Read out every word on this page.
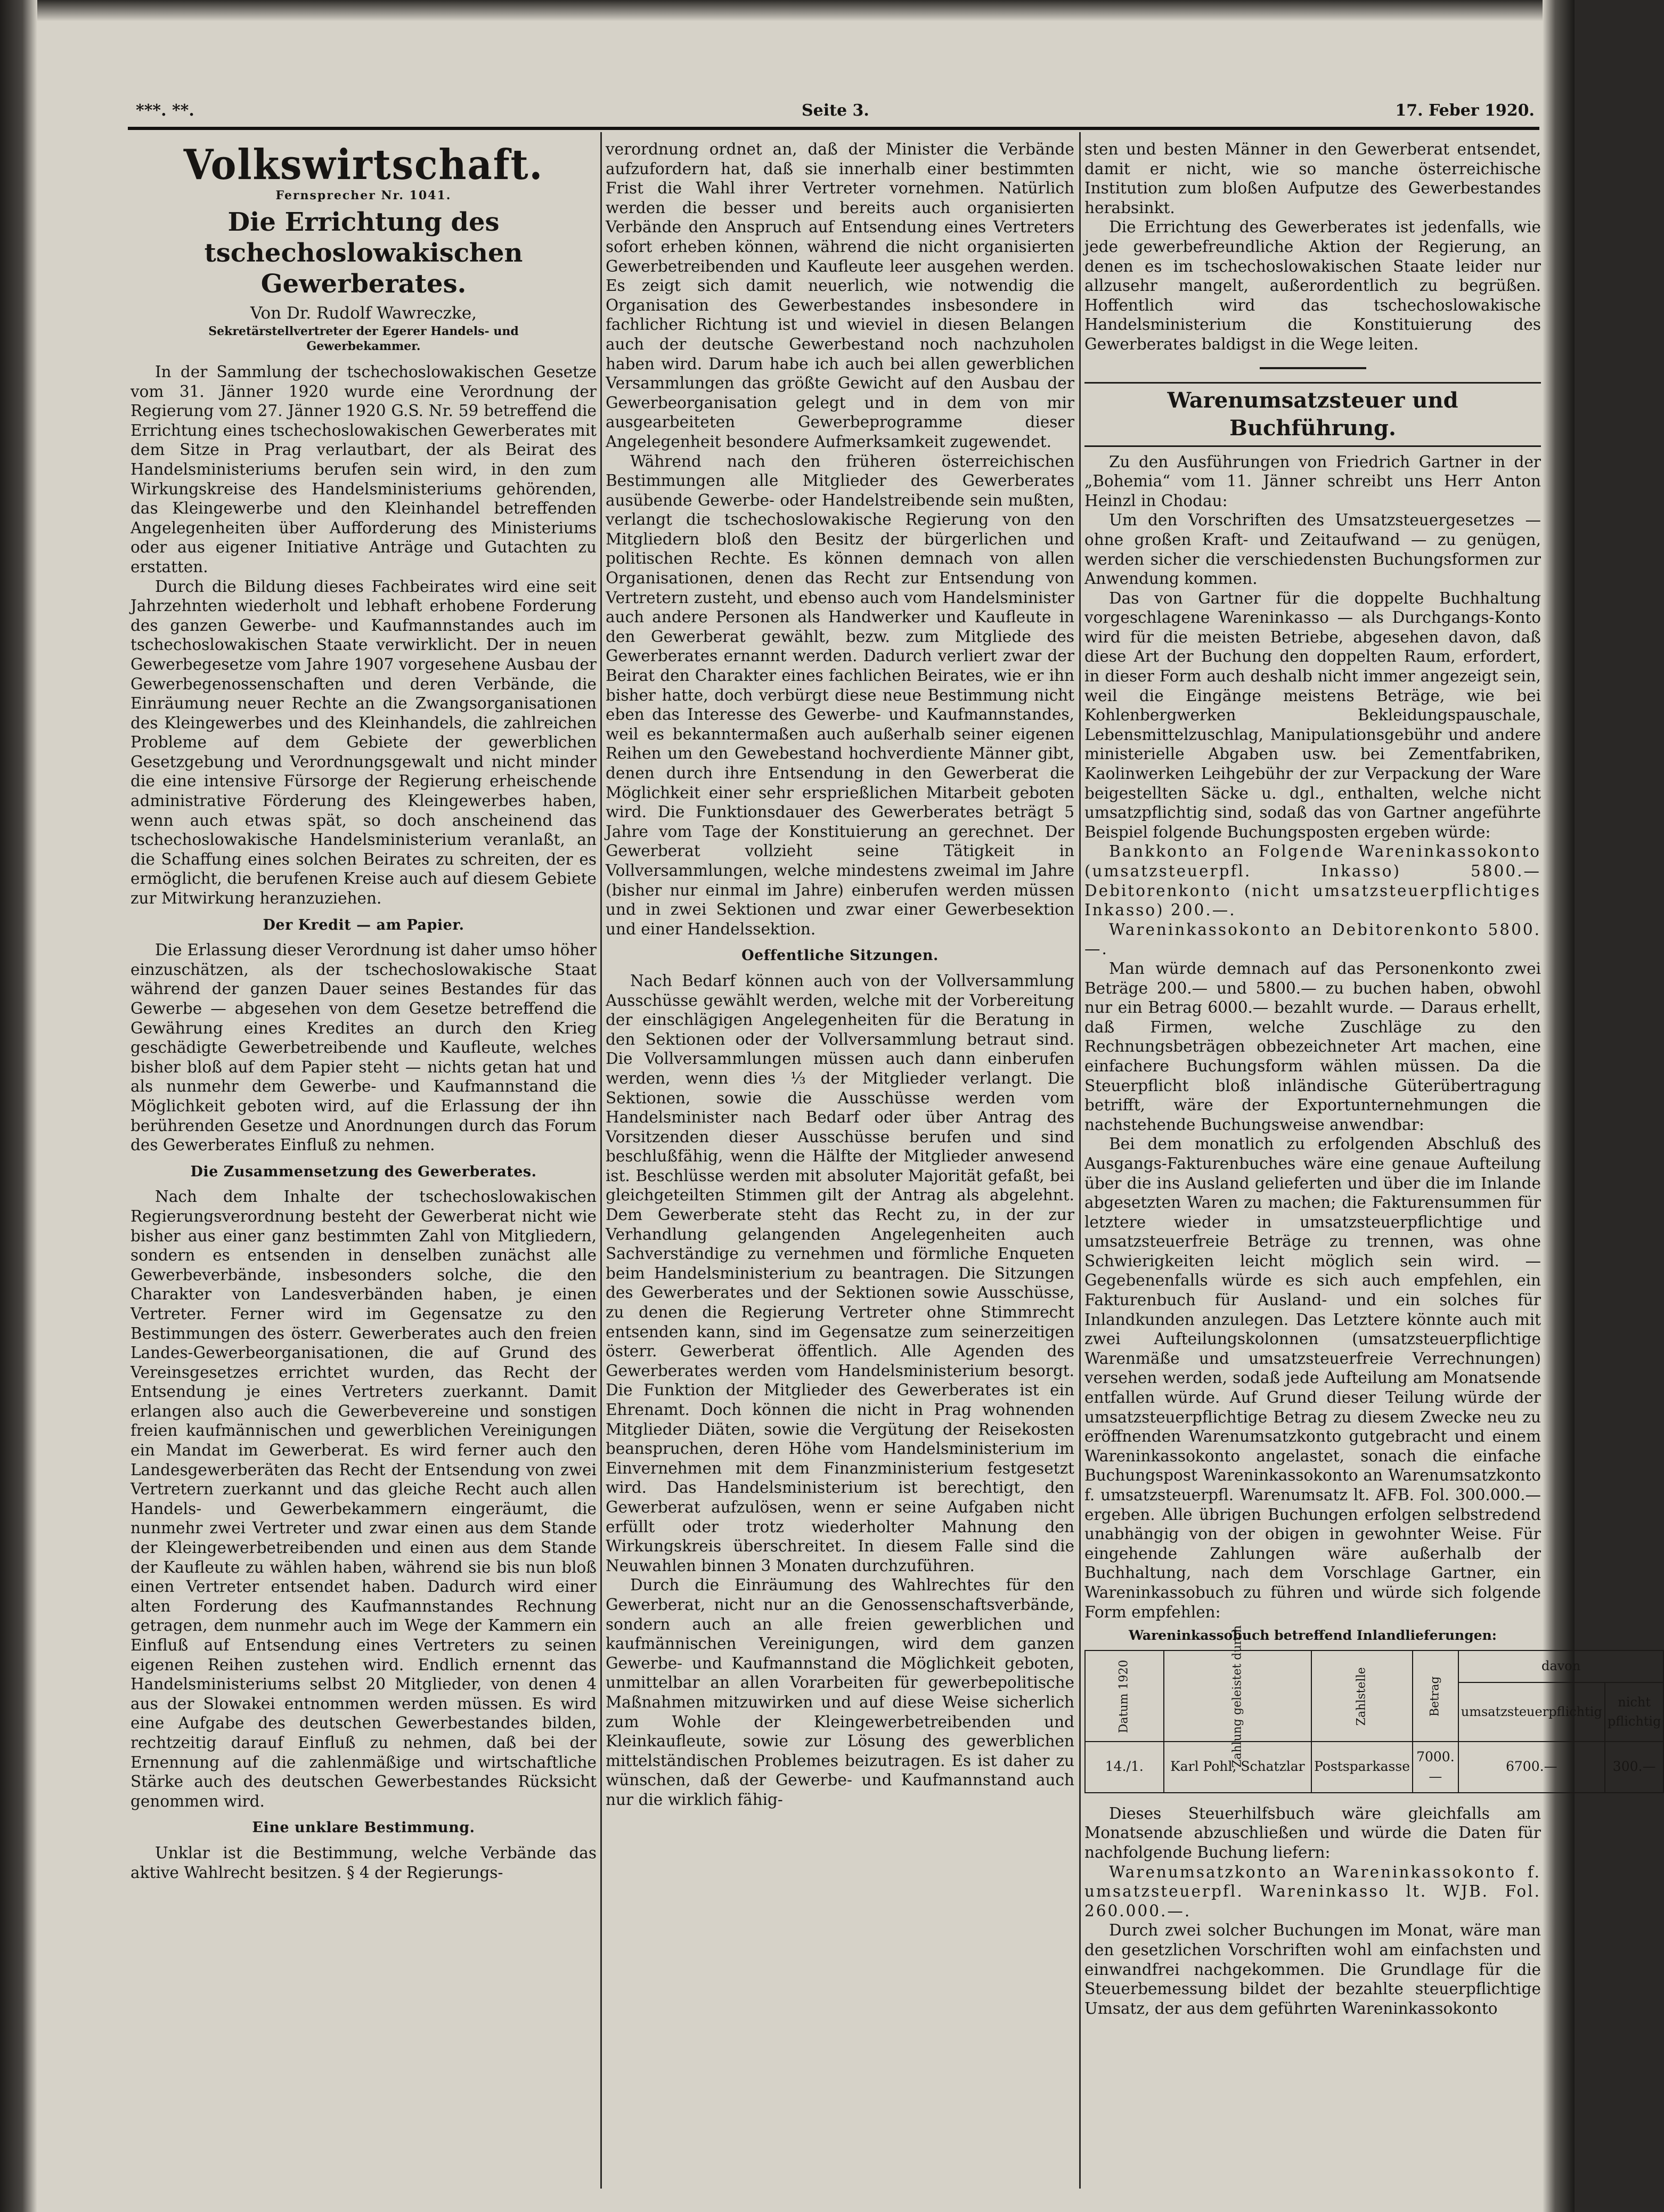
***. **.	Seite 3.	17. Feber 1920.
Volkswirtschaft.
Fernsprecher Nr. 1041.
Die Errichtung des tschechoslowakischen Gewerberates.
Von Dr. Rudolf Wawreczke,
Sekretärstellvertreter der Egerer Handels- und Gewerbekammer.

In der Sammlung der tschechoslowakischen Gesetze vom 31. Jänner 1920 wurde eine Verordnung der Regierung vom 27. Jänner 1920 G.S. Nr. 59 betreffend die Errichtung eines tschechoslowakischen Gewerberates mit dem Sitze in Prag verlautbart, der als Beirat des Handelsministeriums berufen sein wird, in den zum Wirkungskreise des Handelsministeriums gehörenden, das Kleingewerbe und den Kleinhandel betreffenden Angelegenheiten über Aufforderung des Ministeriums oder aus eigener Initiative Anträge und Gutachten zu erstatten.

Durch die Bildung dieses Fachbeirates wird eine seit Jahrzehnten wiederholt und lebhaft erhobene Forderung des ganzen Gewerbe- und Kaufmannstandes auch im tschechoslowakischen Staate verwirklicht. Der in neuen Gewerbegesetze vom Jahre 1907 vorgesehene Ausbau der Gewerbegenossenschaften und deren Verbände, die Einräumung neuer Rechte an die Zwangsorganisationen des Kleingewerbes und des Kleinhandels, die zahlreichen Probleme auf dem Gebiete der gewerblichen Gesetzgebung und Verordnungsgewalt und nicht minder die eine intensive Fürsorge der Regierung erheischende administrative Förderung des Kleingewerbes haben, wenn auch etwas spät, so doch anscheinend das tschechoslowakische Handelsministerium veranlaßt, an die Schaffung eines solchen Beirates zu schreiten, der es ermöglicht, die berufenen Kreise auch auf diesem Gebiete zur Mitwirkung heranzuziehen.

Der Kredit — am Papier.

Die Erlassung dieser Verordnung ist daher umso höher einzuschätzen, als der tschechoslowakische Staat während der ganzen Dauer seines Bestandes für das Gewerbe — abgesehen von dem Gesetze betreffend die Gewährung eines Kredites an durch den Krieg geschädigte Gewerbetreibende und Kaufleute, welches bisher bloß auf dem Papier steht — nichts getan hat und als nunmehr dem Gewerbe- und Kaufmannstand die Möglichkeit geboten wird, auf die Erlassung der ihn berührenden Gesetze und Anordnungen durch das Forum des Gewerberates Einfluß zu nehmen.

Die Zusammensetzung des Gewerberates.

Nach dem Inhalte der tschechoslowakischen Regierungsverordnung besteht der Gewerberat nicht wie bisher aus einer ganz bestimmten Zahl von Mitgliedern, sondern es entsenden in denselben zunächst alle Gewerbeverbände, insbesonders solche, die den Charakter von Landesverbänden haben, je einen Vertreter. Ferner wird im Gegensatze zu den Bestimmungen des österr. Gewerberates auch den freien Landes-Gewerbeorganisationen, die auf Grund des Vereinsgesetzes errichtet wurden, das Recht der Entsendung je eines Vertreters zuerkannt. Damit erlangen also auch die Gewerbevereine und sonstigen freien kaufmännischen und gewerblichen Vereinigungen ein Mandat im Gewerberat. Es wird ferner auch den Landesgewerberäten das Recht der Entsendung von zwei Vertretern zuerkannt und das gleiche Recht auch allen Handels- und Gewerbekammern eingeräumt, die nunmehr zwei Vertreter und zwar einen aus dem Stande der Kleingewerbetreibenden und einen aus dem Stande der Kaufleute zu wählen haben, während sie bis nun bloß einen Vertreter entsendet haben. Dadurch wird einer alten Forderung des Kaufmannstandes Rechnung getragen, dem nunmehr auch im Wege der Kammern ein Einfluß auf Entsendung eines Vertreters zu seinen eigenen Reihen zustehen wird. Endlich ernennt das Handelsministeriums selbst 20 Mitglieder, von denen 4 aus der Slowakei entnommen werden müssen. Es wird eine Aufgabe des deutschen Gewerbestandes bilden, rechtzeitig darauf Einfluß zu nehmen, daß bei der Ernennung auf die zahlenmäßige und wirtschaftliche Stärke auch des deutschen Gewerbestandes Rücksicht genommen wird.

Eine unklare Bestimmung.

Unklar ist die Bestimmung, welche Verbände das aktive Wahlrecht besitzen. § 4 der Regierungs-

verordnung ordnet an, daß der Minister die Verbände aufzufordern hat, daß sie innerhalb einer bestimmten Frist die Wahl ihrer Vertreter vornehmen. Natürlich werden die besser und bereits auch organisierten Verbände den Anspruch auf Entsendung eines Vertreters sofort erheben können, während die nicht organisierten Gewerbetreibenden und Kaufleute leer ausgehen werden. Es zeigt sich damit neuerlich, wie notwendig die Organisation des Gewerbestandes insbesondere in fachlicher Richtung ist und wieviel in diesen Belangen auch der deutsche Gewerbestand noch nachzuholen haben wird. Darum habe ich auch bei allen gewerblichen Versammlungen das größte Gewicht auf den Ausbau der Gewerbeorganisation gelegt und in dem von mir ausgearbeiteten Gewerbeprogramme dieser Angelegenheit besondere Aufmerksamkeit zugewendet.

Während nach den früheren österreichischen Bestimmungen alle Mitglieder des Gewerberates ausübende Gewerbe- oder Handelstreibende sein mußten, verlangt die tschechoslowakische Regierung von den Mitgliedern bloß den Besitz der bürgerlichen und politischen Rechte. Es können demnach von allen Organisationen, denen das Recht zur Entsendung von Vertretern zusteht, und ebenso auch vom Handelsminister auch andere Personen als Handwerker und Kaufleute in den Gewerberat gewählt, bezw. zum Mitgliede des Gewerberates ernannt werden. Dadurch verliert zwar der Beirat den Charakter eines fachlichen Beirates, wie er ihn bisher hatte, doch verbürgt diese neue Bestimmung nicht eben das Interesse des Gewerbe- und Kaufmannstandes, weil es bekanntermaßen auch außerhalb seiner eigenen Reihen um den Gewebestand hochverdiente Männer gibt, denen durch ihre Entsendung in den Gewerberat die Möglichkeit einer sehr ersprießlichen Mitarbeit geboten wird. Die Funktionsdauer des Gewerberates beträgt 5 Jahre vom Tage der Konstituierung an gerechnet. Der Gewerberat vollzieht seine Tätigkeit in Vollversammlungen, welche mindestens zweimal im Jahre (bisher nur einmal im Jahre) einberufen werden müssen und in zwei Sektionen und zwar einer Gewerbesektion und einer Handelssektion.

Oeffentliche Sitzungen.

Nach Bedarf können auch von der Vollversammlung Ausschüsse gewählt werden, welche mit der Vorbereitung der einschlägigen Angelegenheiten für die Beratung in den Sektionen oder der Vollversammlung betraut sind. Die Vollversammlungen müssen auch dann einberufen werden, wenn dies ⅓ der Mitglieder verlangt. Die Sektionen, sowie die Ausschüsse werden vom Handelsminister nach Bedarf oder über Antrag des Vorsitzenden dieser Ausschüsse berufen und sind beschlußfähig, wenn die Hälfte der Mitglieder anwesend ist. Beschlüsse werden mit absoluter Majorität gefaßt, bei gleichgeteilten Stimmen gilt der Antrag als abgelehnt. Dem Gewerberate steht das Recht zu, in der zur Verhandlung gelangenden Angelegenheiten auch Sachverständige zu vernehmen und förmliche Enqueten beim Handelsministerium zu beantragen. Die Sitzungen des Gewerberates und der Sektionen sowie Ausschüsse, zu denen die Regierung Vertreter ohne Stimmrecht entsenden kann, sind im Gegensatze zum seinerzeitigen österr. Gewerberat öffentlich. Alle Agenden des Gewerberates werden vom Handelsministerium besorgt. Die Funktion der Mitglieder des Gewerberates ist ein Ehrenamt. Doch können die nicht in Prag wohnenden Mitglieder Diäten, sowie die Vergütung der Reisekosten beanspruchen, deren Höhe vom Handelsministerium im Einvernehmen mit dem Finanzministerium festgesetzt wird. Das Handelsministerium ist berechtigt, den Gewerberat aufzulösen, wenn er seine Aufgaben nicht erfüllt oder trotz wiederholter Mahnung den Wirkungskreis überschreitet. In diesem Falle sind die Neuwahlen binnen 3 Monaten durchzuführen.

Durch die Einräumung des Wahlrechtes für den Gewerberat, nicht nur an die Genossenschaftsverbände, sondern auch an alle freien gewerblichen und kaufmännischen Vereinigungen, wird dem ganzen Gewerbe- und Kaufmannstand die Möglichkeit geboten, unmittelbar an allen Vorarbeiten für gewerbepolitische Maßnahmen mitzuwirken und auf diese Weise sicherlich zum Wohle der Kleingewerbetreibenden und Kleinkaufleute, sowie zur Lösung des gewerblichen mittelständischen Problemes beizutragen. Es ist daher zu wünschen, daß der Gewerbe- und Kaufmannstand auch nur die wirklich fähig-

sten und besten Männer in den Gewerberat entsendet, damit er nicht, wie so manche österreichische Institution zum bloßen Aufputze des Gewerbestandes herabsinkt.

Die Errichtung des Gewerberates ist jedenfalls, wie jede gewerbefreundliche Aktion der Regierung, an denen es im tschechoslowakischen Staate leider nur allzusehr mangelt, außerordentlich zu begrüßen. Hoffentlich wird das tschechoslowakische Handelsministerium die Konstituierung des Gewerberates baldigst in die Wege leiten.

Warenumsatzsteuer und Buchführung.

Zu den Ausführungen von Friedrich Gartner in der „Bohemia“ vom 11. Jänner schreibt uns Herr Anton Heinzl in Chodau:

Um den Vorschriften des Umsatzsteuergesetzes — ohne großen Kraft- und Zeitaufwand — zu genügen, werden sicher die verschiedensten Buchungsformen zur Anwendung kommen.

Das von Gartner für die doppelte Buchhaltung vorgeschlagene Wareninkasso — als Durchgangs-Konto wird für die meisten Betriebe, abgesehen davon, daß diese Art der Buchung den doppelten Raum, erfordert, in dieser Form auch deshalb nicht immer angezeigt sein, weil die Eingänge meistens Beträge, wie bei Kohlenbergwerken Bekleidungspauschale, Lebensmittelzuschlag, Manipulationsgebühr und andere ministerielle Abgaben usw. bei Zementfabriken, Kaolinwerken Leihgebühr der zur Verpackung der Ware beigestellten Säcke u. dgl., enthalten, welche nicht umsatzpflichtig sind, sodaß das von Gartner angeführte Beispiel folgende Buchungsposten ergeben würde:

Bankkonto an Folgende Wareninkassokonto (umsatzsteuerpfl. Inkasso) 5800.— Debitorenkonto (nicht umsatzsteuerpflichtiges Inkasso) 200.—.

Wareninkassokonto an Debitorenkonto 5800.—.

Man würde demnach auf das Personenkonto zwei Beträge 200.— und 5800.— zu buchen haben, obwohl nur ein Betrag 6000.— bezahlt wurde. — Daraus erhellt, daß Firmen, welche Zuschläge zu den Rechnungsbeträgen obbezeichneter Art machen, eine einfachere Buchungsform wählen müssen. Da die Steuerpflicht bloß inländische Güterübertragung betrifft, wäre der Exportunternehmungen die nachstehende Buchungsweise anwendbar:

Bei dem monatlich zu erfolgenden Abschluß des Ausgangs-Fakturenbuches wäre eine genaue Aufteilung über die ins Ausland gelieferten und über die im Inlande abgesetzten Waren zu machen; die Fakturensummen für letztere wieder in umsatzsteuerpflichtige und umsatzsteuerfreie Beträge zu trennen, was ohne Schwierigkeiten leicht möglich sein wird. — Gegebenenfalls würde es sich auch empfehlen, ein Fakturenbuch für Ausland- und ein solches für Inlandkunden anzulegen. Das Letztere könnte auch mit zwei Aufteilungskolonnen (umsatzsteuerpflichtige Warenmäße und umsatzsteuerfreie Verrechnungen) versehen werden, sodaß jede Aufteilung am Monatsende entfallen würde. Auf Grund dieser Teilung würde der umsatzsteuerpflichtige Betrag zu diesem Zwecke neu zu eröffnenden Warenumsatzkonto gutgebracht und einem Wareninkassokonto angelastet, sonach die einfache Buchungspost Wareninkassokonto an Warenumsatzkonto f. umsatzsteuerpfl. Warenumsatz lt. AFB. Fol. 300.000.— ergeben. Alle übrigen Buchungen erfolgen selbstredend unabhängig von der obigen in gewohnter Weise. Für eingehende Zahlungen wäre außerhalb der Buchhaltung, nach dem Vorschlage Gartner, ein Wareninkassobuch zu führen und würde sich folgende Form empfehlen:

Wareninkassobuch betreffend Inlandlieferungen:
Datum 1920	Zahlung geleistet durch	Zahlstelle	Betrag	davon	
				umsatzsteuerpflichtig	nicht pflichtig
14./1.	Karl Pohl, Schatzlar	Postsparkasse	7000.—	6700.—	300.—

Dieses Steuerhilfsbuch wäre gleichfalls am Monatsende abzuschließen und würde die Daten für nachfolgende Buchung liefern:

Warenumsatzkonto an Wareninkassokonto f. umsatzsteuerpfl. Wareninkasso lt. WJB. Fol. 260.000.—.

Durch zwei solcher Buchungen im Monat, wäre man den gesetzlichen Vorschriften wohl am einfachsten und einwandfrei nachgekommen. Die Grundlage für die Steuerbemessung bildet der bezahlte steuerpflichtige Umsatz, der aus dem geführten Wareninkassokonto
